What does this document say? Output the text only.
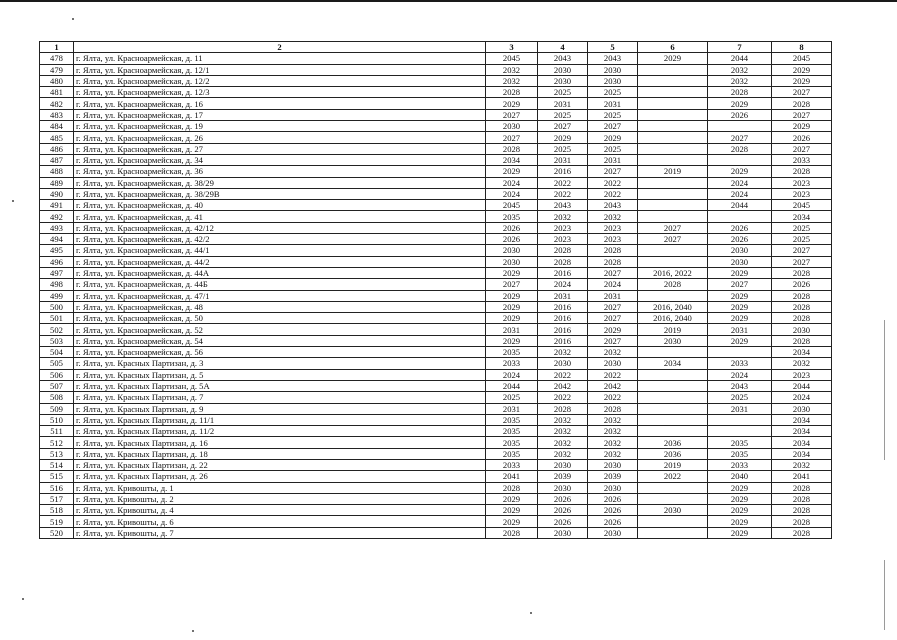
1	2	3	4	5	6	7	8
478	г. Ялта, ул. Красноармейская, д. 11	2045	2043	2043	2029	2044	2045
479	г. Ялта, ул. Красноармейская, д. 12/1	2032	2030	2030		2032	2029
480	г. Ялта, ул. Красноармейская, д. 12/2	2032	2030	2030		2032	2029
481	г. Ялта, ул. Красноармейская, д. 12/3	2028	2025	2025		2028	2027
482	г. Ялта, ул. Красноармейская, д. 16	2029	2031	2031		2029	2028
483	г. Ялта, ул. Красноармейская, д. 17	2027	2025	2025		2026	2027
484	г. Ялта, ул. Красноармейская, д. 19	2030	2027	2027			2029
485	г. Ялта, ул. Красноармейская, д. 26	2027	2029	2029		2027	2026
486	г. Ялта, ул. Красноармейская, д. 27	2028	2025	2025		2028	2027
487	г. Ялта, ул. Красноармейская, д. 34	2034	2031	2031			2033
488	г. Ялта, ул. Красноармейская, д. 36	2029	2016	2027	2019	2029	2028
489	г. Ялта, ул. Красноармейская, д. 38/29	2024	2022	2022		2024	2023
490	г. Ялта, ул. Красноармейская, д. 38/29В	2024	2022	2022		2024	2023
491	г. Ялта, ул. Красноармейская, д. 40	2045	2043	2043		2044	2045
492	г. Ялта, ул. Красноармейская, д. 41	2035	2032	2032			2034
493	г. Ялта, ул. Красноармейская, д. 42/12	2026	2023	2023	2027	2026	2025
494	г. Ялта, ул. Красноармейская, д. 42/2	2026	2023	2023	2027	2026	2025
495	г. Ялта, ул. Красноармейская, д. 44/1	2030	2028	2028		2030	2027
496	г. Ялта, ул. Красноармейская, д. 44/2	2030	2028	2028		2030	2027
497	г. Ялта, ул. Красноармейская, д. 44А	2029	2016	2027	2016, 2022	2029	2028
498	г. Ялта, ул. Красноармейская, д. 44Б	2027	2024	2024	2028	2027	2026
499	г. Ялта, ул. Красноармейская, д. 47/1	2029	2031	2031		2029	2028
500	г. Ялта, ул. Красноармейская, д. 48	2029	2016	2027	2016, 2040	2029	2028
501	г. Ялта, ул. Красноармейская, д. 50	2029	2016	2027	2016, 2040	2029	2028
502	г. Ялта, ул. Красноармейская, д. 52	2031	2016	2029	2019	2031	2030
503	г. Ялта, ул. Красноармейская, д. 54	2029	2016	2027	2030	2029	2028
504	г. Ялта, ул. Красноармейская, д. 56	2035	2032	2032			2034
505	г. Ялта, ул. Красных Партизан, д. 3	2033	2030	2030	2034	2033	2032
506	г. Ялта, ул. Красных Партизан, д. 5	2024	2022	2022		2024	2023
507	г. Ялта, ул. Красных Партизан, д. 5А	2044	2042	2042		2043	2044
508	г. Ялта, ул. Красных Партизан, д. 7	2025	2022	2022		2025	2024
509	г. Ялта, ул. Красных Партизан, д. 9	2031	2028	2028		2031	2030
510	г. Ялта, ул. Красных Партизан, д. 11/1	2035	2032	2032			2034
511	г. Ялта, ул. Красных Партизан, д. 11/2	2035	2032	2032			2034
512	г. Ялта, ул. Красных Партизан, д. 16	2035	2032	2032	2036	2035	2034
513	г. Ялта, ул. Красных Партизан, д. 18	2035	2032	2032	2036	2035	2034
514	г. Ялта, ул. Красных Партизан, д. 22	2033	2030	2030	2019	2033	2032
515	г. Ялта, ул. Красных Партизан, д. 26	2041	2039	2039	2022	2040	2041
516	г. Ялта, ул. Кривошты, д. 1	2028	2030	2030		2029	2028
517	г. Ялта, ул. Кривошты, д. 2	2029	2026	2026		2029	2028
518	г. Ялта, ул. Кривошты, д. 4	2029	2026	2026	2030	2029	2028
519	г. Ялта, ул. Кривошты, д. 6	2029	2026	2026		2029	2028
520	г. Ялта, ул. Кривошты, д. 7	2028	2030	2030		2029	2028
